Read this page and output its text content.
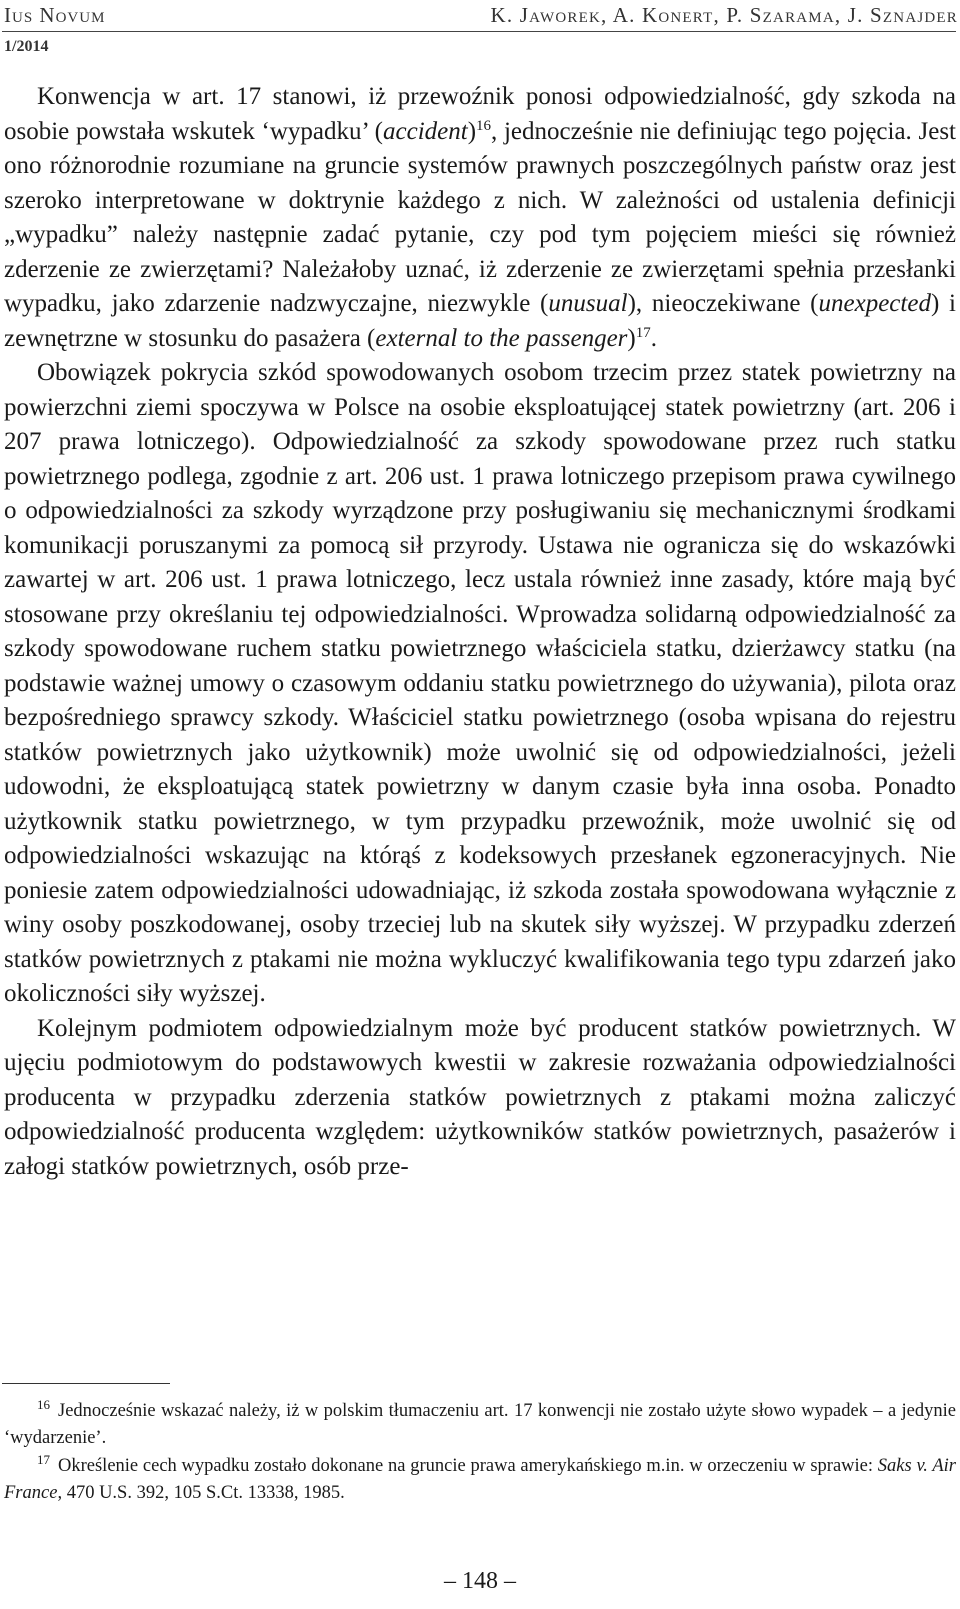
Ius Novum	K. Jaworek, A. Konert, P. Szarama, J. Sznajder
1/2014

Konwencja w art. 17 stanowi, iż przewoźnik ponosi odpowiedzialność, gdy szkoda na osobie powstała wskutek ‘wypadku’ (accident)$^{16}$, jednocześnie nie definiując tego pojęcia. Jest ono różnorodnie rozumiane na gruncie systemów prawnych poszczególnych państw oraz jest szeroko interpretowane w doktrynie każdego z nich. W zależności od ustalenia definicji „wypadku” należy następnie zadać pytanie, czy pod tym pojęciem mieści się również zderzenie ze zwierzętami? Należałoby uznać, iż zderzenie ze zwierzętami spełnia przesłanki wypadku, jako zdarzenie nadzwyczajne, niezwykle (unusual), nieoczekiwane (unexpected) i zewnętrzne w stosunku do pasażera (external to the passenger)$^{17}$.

Obowiązek pokrycia szkód spowodowanych osobom trzecim przez statek powietrzny na powierzchni ziemi spoczywa w Polsce na osobie eksploatującej statek powietrzny (art. 206 i 207 prawa lotniczego). Odpowiedzialność za szkody spowodowane przez ruch statku powietrznego podlega, zgodnie z art. 206 ust. 1 prawa lotniczego przepisom prawa cywilnego o odpowiedzialności za szkody wyrządzone przy posługiwaniu się mechanicznymi środkami komunikacji poruszanymi za pomocą sił przyrody. Ustawa nie ogranicza się do wskazówki zawartej w art. 206 ust. 1 prawa lotniczego, lecz ustala również inne zasady, które mają być stosowane przy określaniu tej odpowiedzialności. Wprowadza solidarną odpowiedzialność za szkody spowodowane ruchem statku powietrznego właściciela statku, dzierżawcy statku (na podstawie ważnej umowy o czasowym oddaniu statku powietrznego do używania), pilota oraz bezpośredniego sprawcy szkody. Właściciel statku powietrznego (osoba wpisana do rejestru statków powietrznych jako użytkownik) może uwolnić się od odpowiedzialności, jeżeli udowodni, że eksploatującą statek powietrzny w danym czasie była inna osoba. Ponadto użytkownik statku powietrznego, w tym przypadku przewoźnik, może uwolnić się od odpowiedzialności wskazując na którąś z kodeksowych przesłanek egzoneracyjnych. Nie poniesie zatem odpowiedzialności udowadniając, iż szkoda została spowodowana wyłącznie z winy osoby poszkodowanej, osoby trzeciej lub na skutek siły wyższej. W przypadku zderzeń statków powietrznych z ptakami nie można wykluczyć kwalifikowania tego typu zdarzeń jako okoliczności siły wyższej.

Kolejnym podmiotem odpowiedzialnym może być producent statków powietrznych. W ujęciu podmiotowym do podstawowych kwestii w zakresie rozważania odpowiedzialności producenta w przypadku zderzenia statków powietrznych z ptakami można zaliczyć odpowiedzialność producenta względem: użytkowników statków powietrznych, pasażerów i załogi statków powietrznych, osób prze-

$^{16}$ Jednocześnie wskazać należy, iż w polskim tłumaczeniu art. 17 konwencji nie zostało użyte słowo wypadek – a jedynie ‘wydarzenie’.

$^{17}$ Określenie cech wypadku zostało dokonane na gruncie prawa amerykańskiego m.in. w orzeczeniu w sprawie: Saks v. Air France, 470 U.S. 392, 105 S.Ct. 13338, 1985.

– 148 –
